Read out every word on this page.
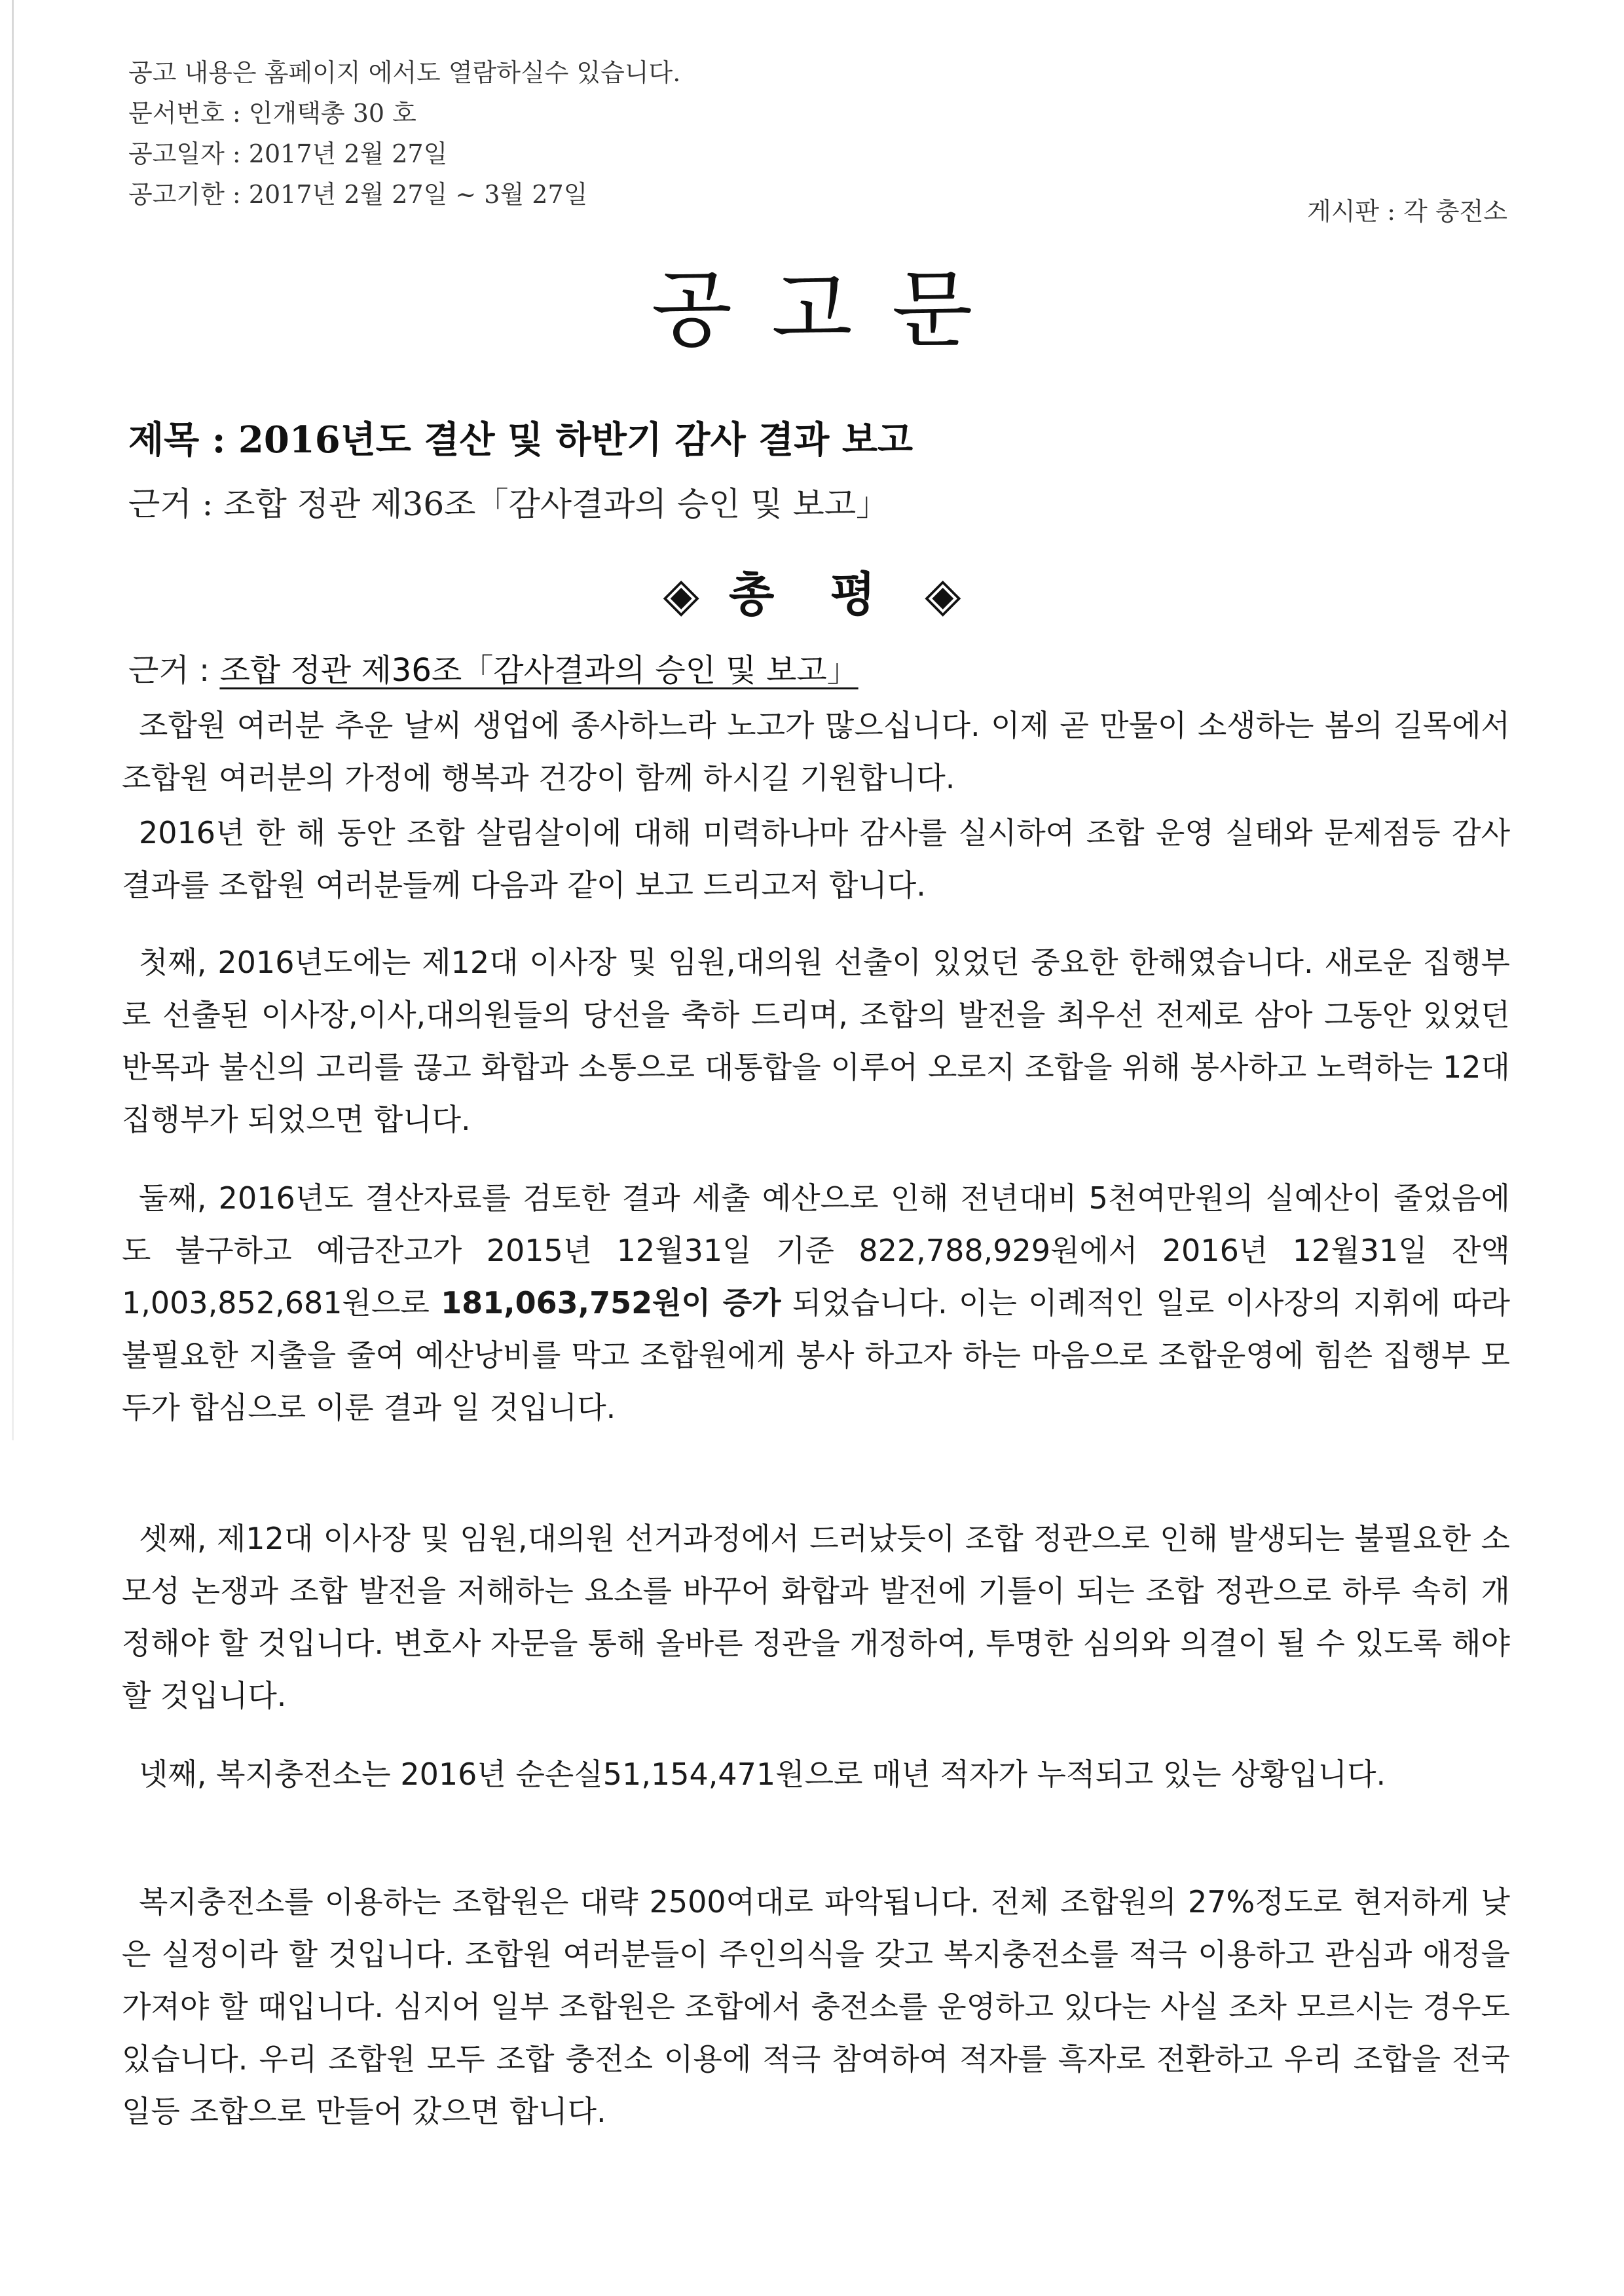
공고 내용은 홈페이지 에서도 열람하실수 있습니다.
문서번호 : 인개택총 30 호
공고일자 : 2017년 2월 27일
공고기한 : 2017년 2월 27일 ~ 3월 27일
게시판 : 각 충전소
공고문
제목 : 2016년도 결산 및 하반기 감사 결과 보고
근거 : 조합 정관 제36조「감사결과의 승인 및 보고」
◈ 총 평 ◈
근거 : 조합 정관 제36조「감사결과의 승인 및 보고」
조합원 여러분 추운 날씨 생업에 종사하느라 노고가 많으십니다. 이제 곧 만물이 소생하는 봄의 길목에서 조합원 여러분의 가정에 행복과 건강이 함께 하시길 기원합니다.
2016년 한 해 동안 조합 살림살이에 대해 미력하나마 감사를 실시하여 조합 운영 실태와 문제점등 감사 결과를 조합원 여러분들께 다음과 같이 보고 드리고저 합니다.
첫째, 2016년도에는 제12대 이사장 및 임원,대의원 선출이 있었던 중요한 한해였습니다. 새로운 집행부로 선출된 이사장,이사,대의원들의 당선을 축하 드리며, 조합의 발전을 최우선 전제로 삼아 그동안 있었던 반목과 불신의 고리를 끊고 화합과 소통으로 대통합을 이루어 오로지 조합을 위해 봉사하고 노력하는 12대 집행부가 되었으면 합니다.
둘째, 2016년도 결산자료를 검토한 결과 세출 예산으로 인해 전년대비 5천여만원의 실예산이 줄었음에도 불구하고 예금잔고가 2015년 12월31일 기준 822,788,929원에서 2016년 12월31일 잔액 1,003,852,681원으로 181,063,752원이 증가 되었습니다. 이는 이례적인 일로 이사장의 지휘에 따라 불필요한 지출을 줄여 예산낭비를 막고 조합원에게 봉사 하고자 하는 마음으로 조합운영에 힘쓴 집행부 모두가 합심으로 이룬 결과 일 것입니다.
셋째, 제12대 이사장 및 임원,대의원 선거과정에서 드러났듯이 조합 정관으로 인해 발생되는 불필요한 소모성 논쟁과 조합 발전을 저해하는 요소를 바꾸어 화합과 발전에 기틀이 되는 조합 정관으로 하루 속히 개정해야 할 것입니다. 변호사 자문을 통해 올바른 정관을 개정하여, 투명한 심의와 의결이 될 수 있도록 해야 할 것입니다.
넷째, 복지충전소는 2016년 순손실51,154,471원으로 매년 적자가 누적되고 있는 상황입니다.
복지충전소를 이용하는 조합원은 대략 2500여대로 파악됩니다. 전체 조합원의 27%정도로 현저하게 낮은 실정이라 할 것입니다. 조합원 여러분들이 주인의식을 갖고 복지충전소를 적극 이용하고 관심과 애정을 가져야 할 때입니다. 심지어 일부 조합원은 조합에서 충전소를 운영하고 있다는 사실 조차 모르시는 경우도 있습니다. 우리 조합원 모두 조합 충전소 이용에 적극 참여하여 적자를 흑자로 전환하고 우리 조합을 전국 일등 조합으로 만들어 갔으면 합니다.
